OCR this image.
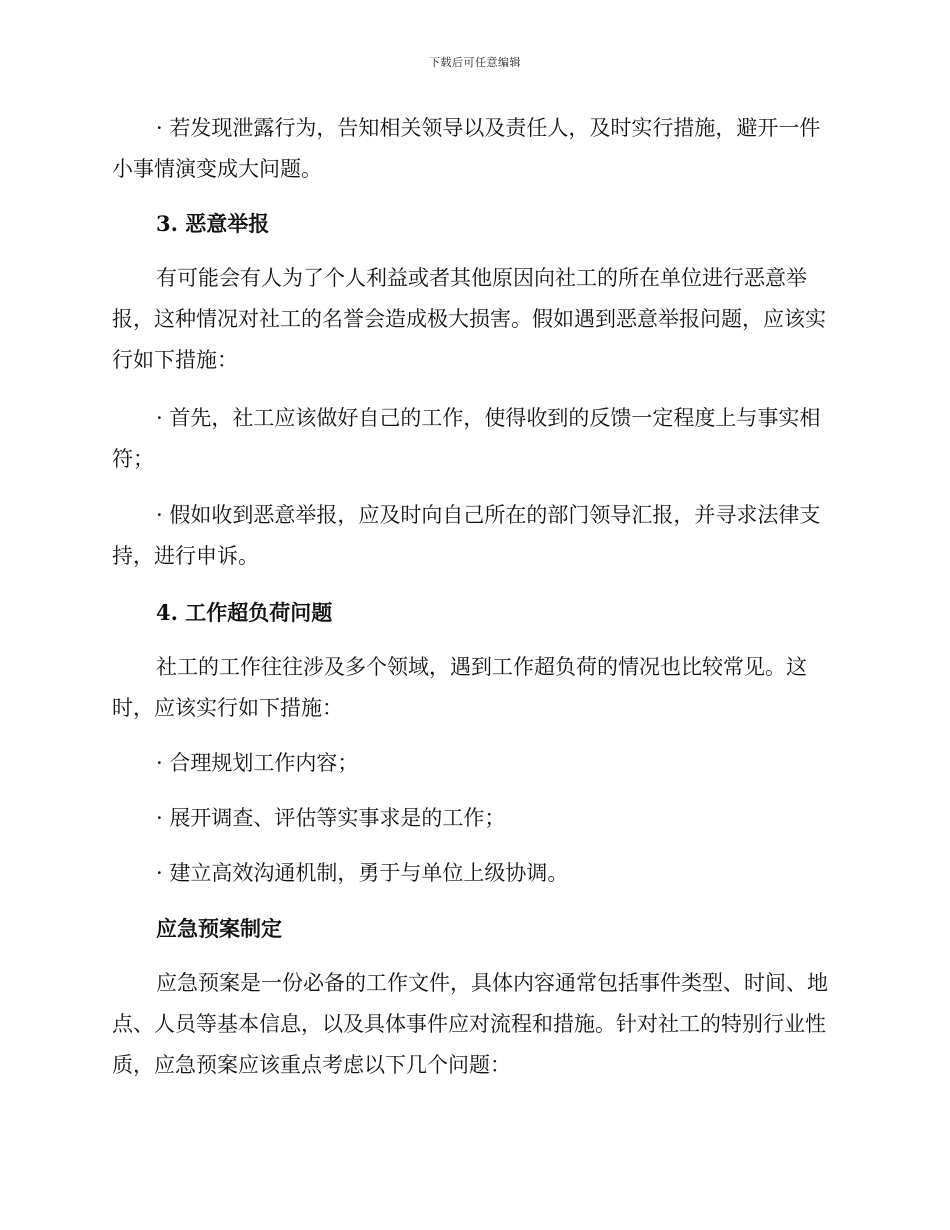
下载后可任意编辑
· 若发现泄露行为，告知相关领导以及责任人，及时实行措施，避开一件小事情演变成大问题。
3. 恶意举报
有可能会有人为了个人利益或者其他原因向社工的所在单位进行恶意举报，这种情况对社工的名誉会造成极大损害。假如遇到恶意举报问题，应该实行如下措施：
· 首先，社工应该做好自己的工作，使得收到的反馈一定程度上与事实相符；
· 假如收到恶意举报，应及时向自己所在的部门领导汇报，并寻求法律支持，进行申诉。
4. 工作超负荷问题
社工的工作往往涉及多个领域，遇到工作超负荷的情况也比较常见。这时，应该实行如下措施：
· 合理规划工作内容；
· 展开调查、评估等实事求是的工作；
· 建立高效沟通机制，勇于与单位上级协调。
应急预案制定
应急预案是一份必备的工作文件，具体内容通常包括事件类型、时间、地点、人员等基本信息，以及具体事件应对流程和措施。针对社工的特别行业性质，应急预案应该重点考虑以下几个问题：
